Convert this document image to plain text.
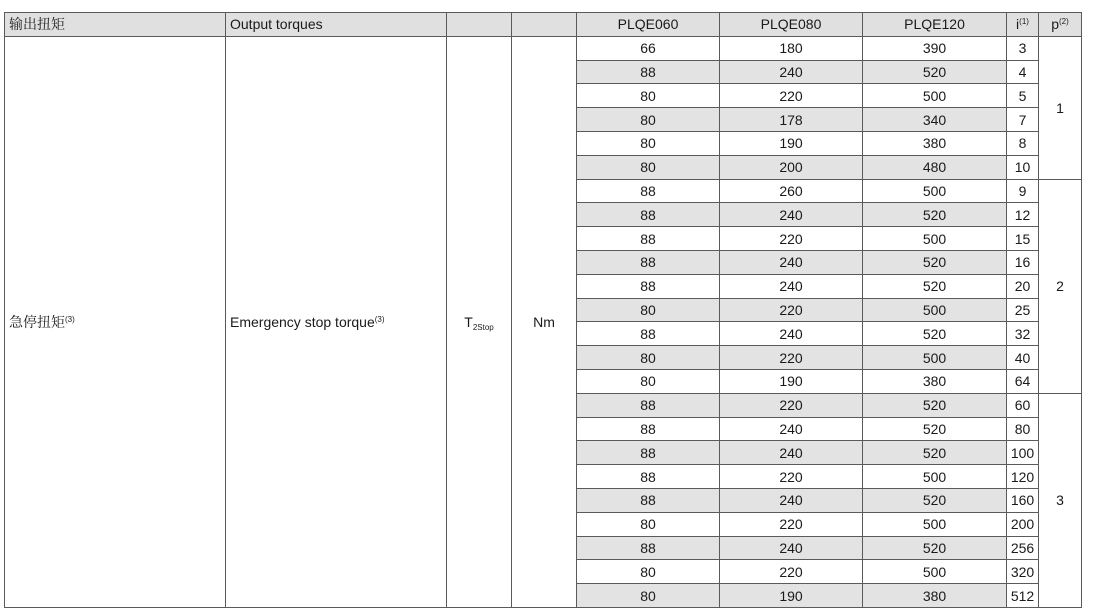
输出扭矩	Output torques			PLQE060	PLQE080	PLQE120	$i^{(1)}$	$p^{(2)}$
急停扭矩$^{(3)}$	Emergency stop torque$^{(3)}$	$T_{2Stop}$	Nm	66	180	390	3	1
				88	240	520	4	
				80	220	500	5	
				80	178	340	7	
				80	190	380	8	
				80	200	480	10	
				88	260	500	9	2
				88	240	520	12	
				88	220	500	15	
				88	240	520	16	
				88	240	520	20	
				80	220	500	25	
				88	240	520	32	
				80	220	500	40	
				80	190	380	64	
				88	220	520	60	3
				88	240	520	80	
				88	240	520	100	
				88	220	500	120	
				88	240	520	160	
				80	220	500	200	
				88	240	520	256	
				80	220	500	320	
				80	190	380	512	
